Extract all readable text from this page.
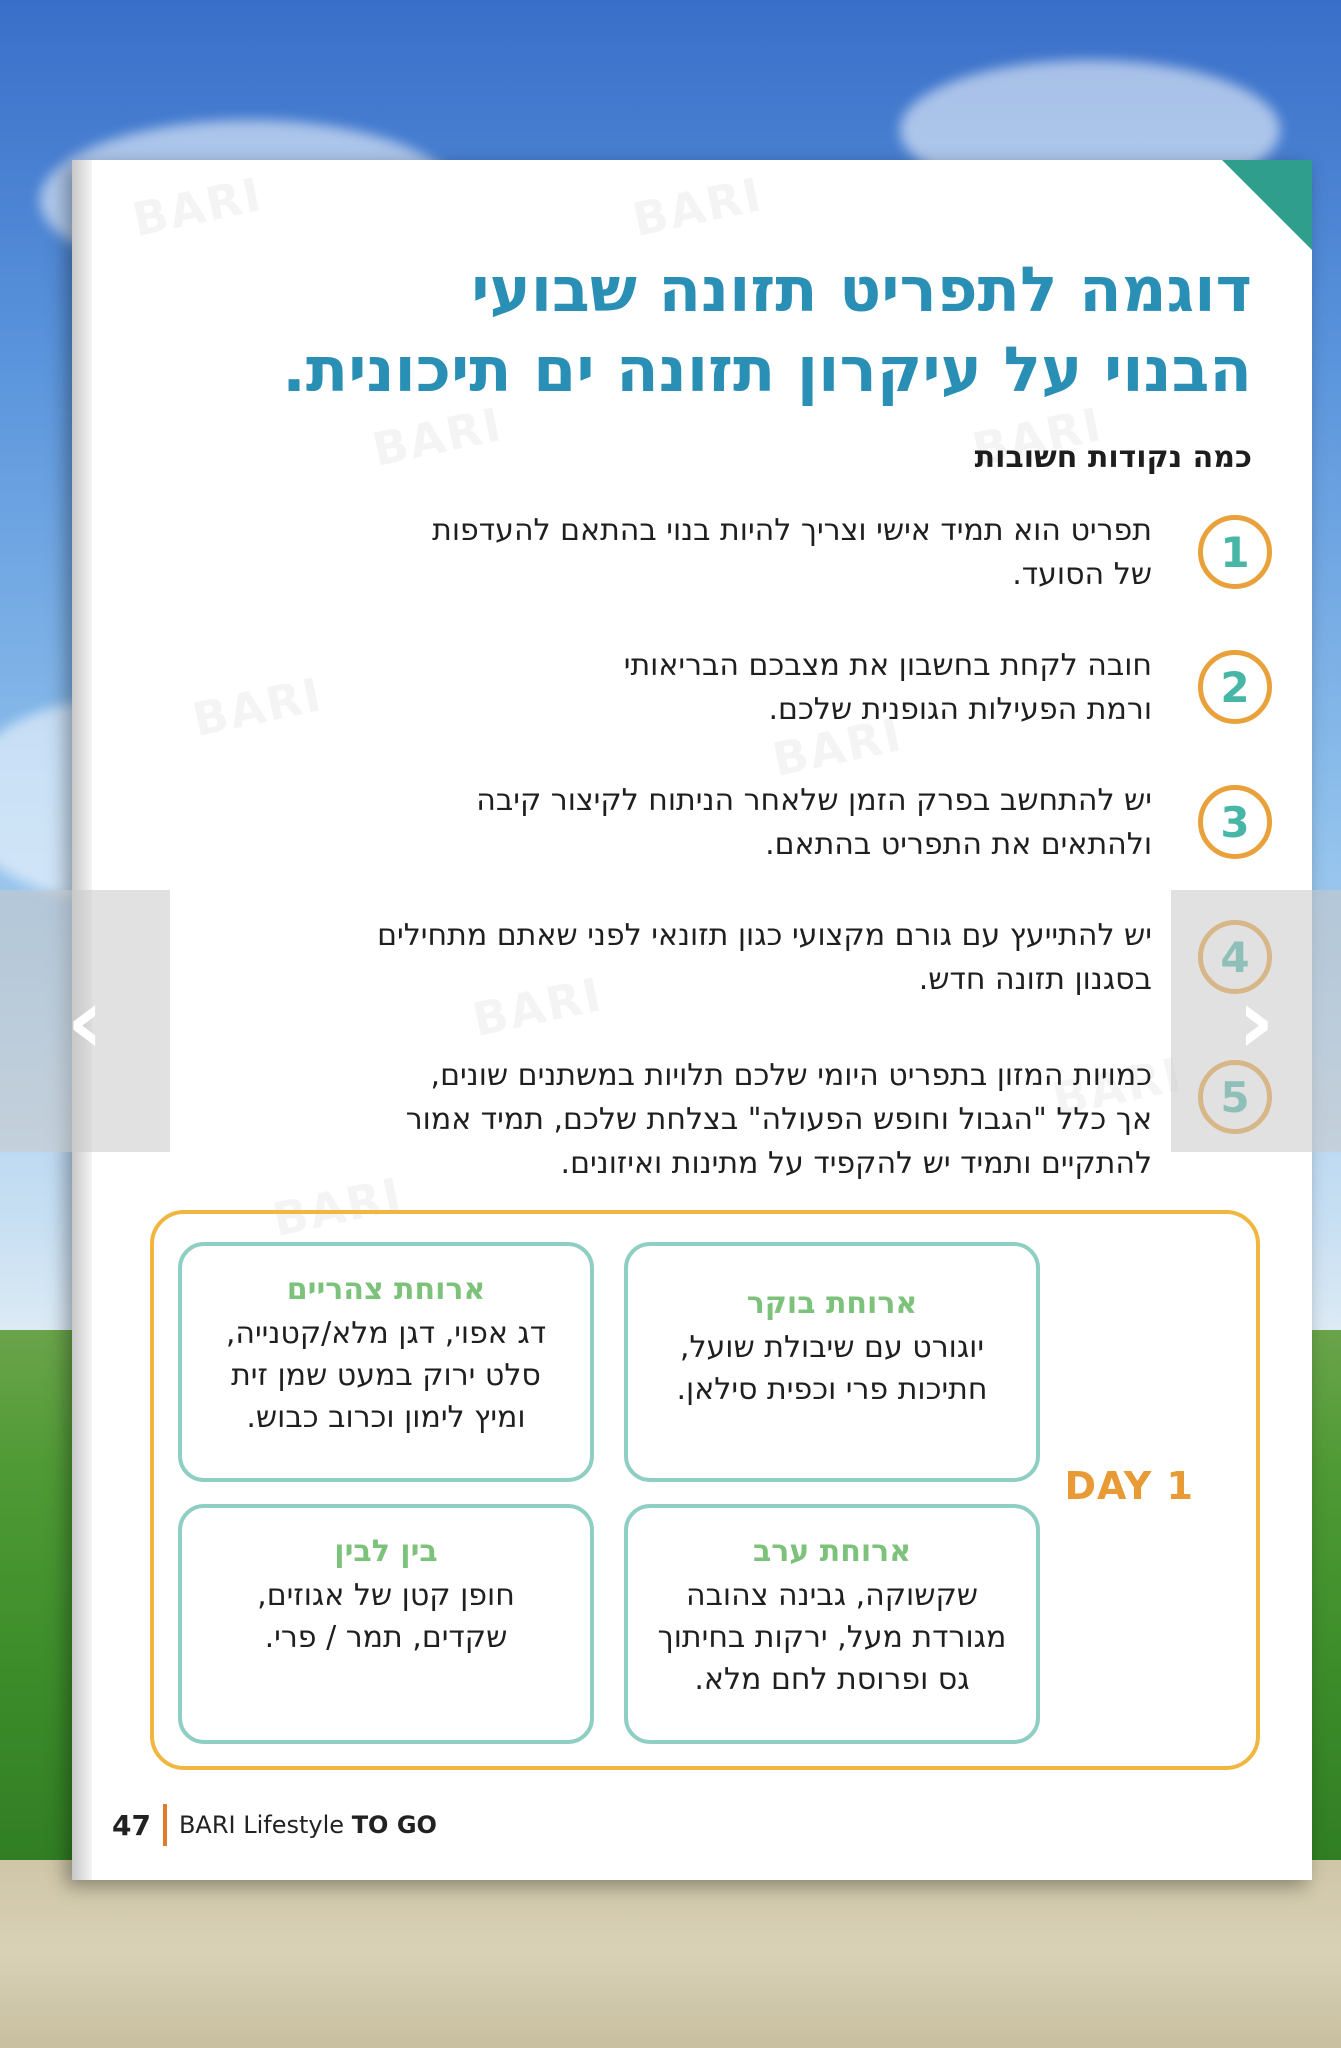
דוגמה לתפריט תזונה שבועי
הבנוי על עיקרון תזונה ים תיכונית.
כמה נקודות חשובות
1
תפריט הוא תמיד אישי וצריך להיות בנוי בהתאם להעדפות
של הסועד.
2
חובה לקחת בחשבון את מצבכם הבריאותי
ורמת הפעילות הגופנית שלכם.
3
יש להתחשב בפרק הזמן שלאחר הניתוח לקיצור קיבה
ולהתאים את התפריט בהתאם.
יש להתייעץ עם גורם מקצועי כגון תזונאי לפני שאתם מתחילים
בסגנון תזונה חדש.
כמויות המזון בתפריט היומי שלכם תלויות במשתנים שונים,
אך כלל "הגבול וחופש הפעולה" בצלחת שלכם, תמיד אמור
להתקיים ותמיד יש להקפיד על מתינות ואיזונים.
DAY 1
ארוחת צהריים
דג אפוי, דגן מלא/קטנייה,
סלט ירוק במעט שמן זית
ומיץ לימון וכרוב כבוש.
ארוחת בוקר
יוגורט עם שיבולת שועל,
חתיכות פרי וכפית סילאן.
בין לבין
חופן קטן של אגוזים,
שקדים, תמר / פרי.
ארוחת ערב
שקשוקה, גבינה צהובה
מגורדת מעל, ירקות בחיתוך
גס ופרוסת לחם מלא.
47 BARI Lifestyle TO GO
‹	›
